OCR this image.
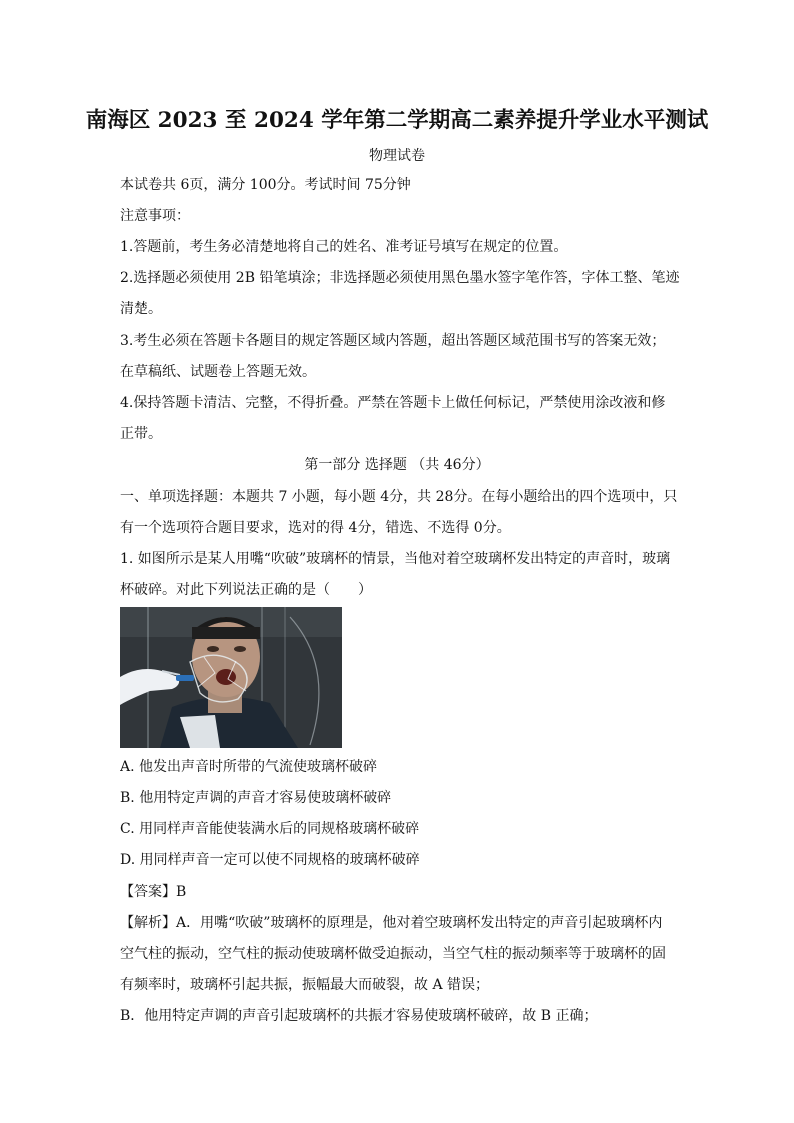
南海区 2023 至 2024 学年第二学期高二素养提升学业水平测试
物理试卷
本试卷共 6页，满分 100分。考试时间 75分钟
注意事项：
1.答题前，考生务必清楚地将自己的姓名、准考证号填写在规定的位置。
2.选择题必须使用 2B 铅笔填涂；非选择题必须使用黑色墨水签字笔作答，字体工整、笔迹
清楚。
3.考生必须在答题卡各题目的规定答题区域内答题，超出答题区域范围书写的答案无效；
在草稿纸、试题卷上答题无效。
4.保持答题卡清洁、完整，不得折叠。严禁在答题卡上做任何标记，严禁使用涂改液和修
正带。
第一部分 选择题 （共 46分）
一、单项选择题：本题共 7 小题，每小题 4分，共 28分。在每小题给出的四个选项中，只
有一个选项符合题目要求，选对的得 4分，错选、不选得 0分。
1. 如图所示是某人用嘴“吹破”玻璃杯的情景，当他对着空玻璃杯发出特定的声音时，玻璃
杯破碎。对此下列说法正确的是（　　）
A. 他发出声音时所带的气流使玻璃杯破碎
B. 他用特定声调的声音才容易使玻璃杯破碎
C. 用同样声音能使装满水后的同规格玻璃杯破碎
D. 用同样声音一定可以使不同规格的玻璃杯破碎
【答案】B
【解析】A．用嘴“吹破”玻璃杯的原理是，他对着空玻璃杯发出特定的声音引起玻璃杯内
空气柱的振动，空气柱的振动使玻璃杯做受迫振动，当空气柱的振动频率等于玻璃杯的固
有频率时，玻璃杯引起共振，振幅最大而破裂，故 A 错误；
B．他用特定声调的声音引起玻璃杯的共振才容易使玻璃杯破碎，故 B 正确；
